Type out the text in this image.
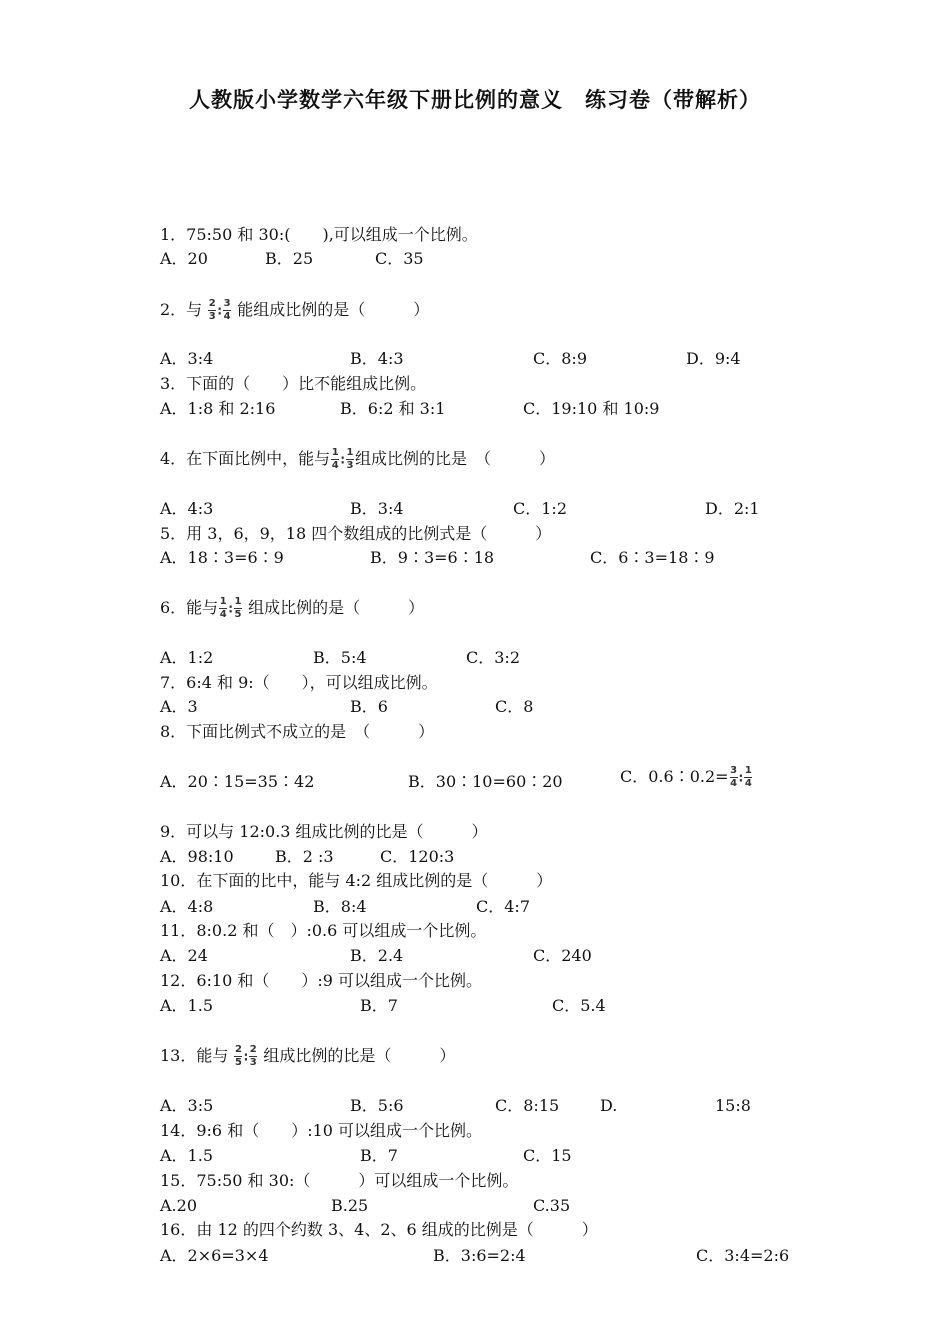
人教版小学数学六年级下册比例的意义　练习卷（带解析）
1．75:50 和 30:(　　),可以组成一个比例。
A．20	B．25	C．35
2．与 $\frac{2}{3}$ : $\frac{3}{4}$ 能组成比例的是（　　　）
A．3:4	B．4:3	C．8:9	D．9:4
3．下面的（　　）比不能组成比例。
A．1:8 和 2:16	B．6:2 和 3:1	C．19:10 和 10:9
4．在下面比例中，能与 $\frac{1}{4}$ : $\frac{1}{3}$ 组成比例的比是　（　　　）
A．4:3	B．3:4	C．1:2	D．2:1
5．用 3，6，9，18 四个数组成的比例式是（　　　）
A．18∶3=6∶9	B．9∶3=6∶18	C．6∶3=18∶9
6．能与 $\frac{1}{4}$ : $\frac{1}{5}$ 组成比例的是（　　　）
A．1:2	B．5:4	C．3:2
7．6:4 和 9:（　　），可以组成比例。
A．3	B．6	C．8
8．下面比例式不成立的是　（　　　）
A．20∶15=35∶42	B．30∶10=60∶20	C．0.6∶0.2= $\frac{3}{4}$ : $\frac{1}{4}$
9．可以与 12:0.3 组成比例的比是（　　　）
A．98:10	B．2 :3	C．120:3
10．在下面的比中，能与 4:2 组成比例的是（　　　）
A．4:8	B．8:4	C．4:7
11．8:0.2 和（　）:0.6 可以组成一个比例。
A．24	B．2.4	C．240
12．6:10 和（　　）:9 可以组成一个比例。
A．1.5	B．7	C．5.4
13．能与 $\frac{2}{5}$ : $\frac{2}{3}$ 组成比例的比是（　　　）
A．3:5	B．5:6	C．8:15	D.	15:8
14．9:6 和（　　）:10 可以组成一个比例。
A．1.5	B．7	C．15
15．75:50 和 30:（　　　）可以组成一个比例。
A.20	B.25	C.35
16．由 12 的四个约数 3、4、2、6 组成的比例是（　　　）
A．2×6=3×4	B．3:6=2:4	C．3:4=2:6
